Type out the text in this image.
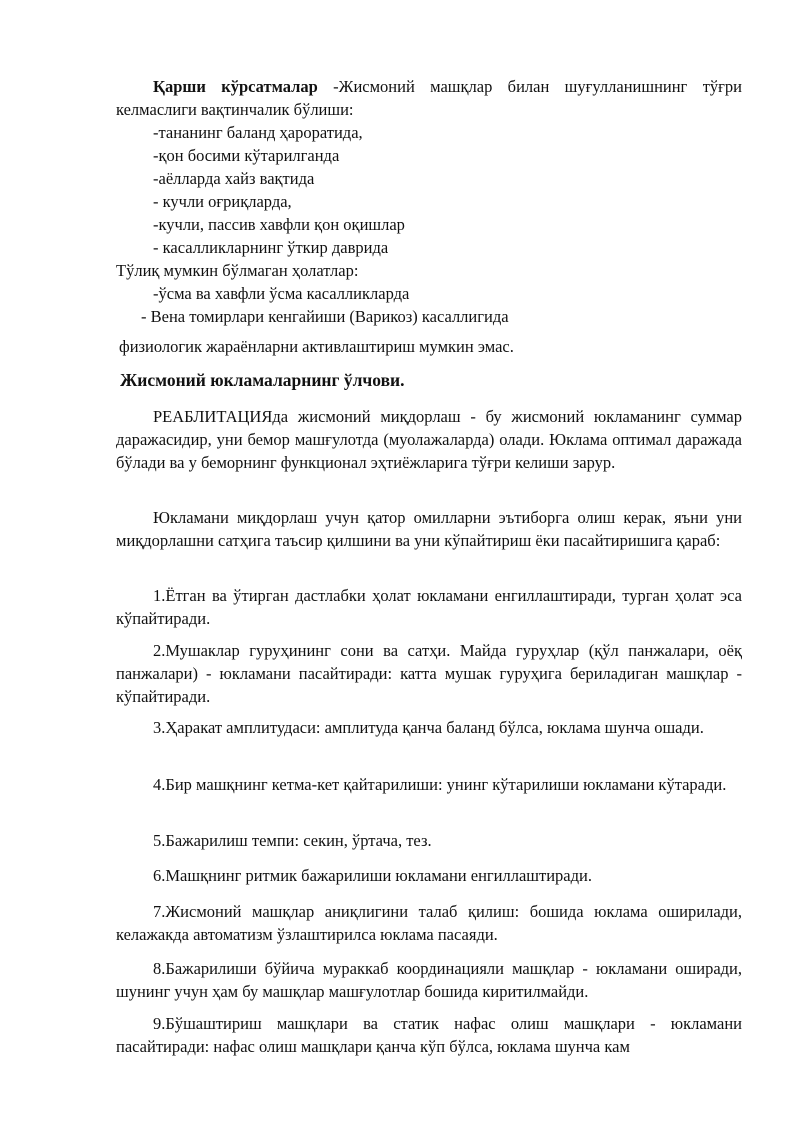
Қарши кўрсатмалар -Жисмоний машқлар билан шуғулланишнинг тўғри келмаслиги вақтинчалик бўлиши:

-тананинг баланд ҳароратида,

-қон босими кўтарилганда

-аёлларда хайз вақтида

- кучли оғриқларда,

-кучли, пассив хавфли қон оқишлар

- касалликларнинг ўткир даврида

Тўлиқ мумкин бўлмаган ҳолатлар:

-ўсма ва хавфли ўсма касалликларда

- Вена томирлари кенгайиши (Варикоз) касаллигида

физиологик жараёнларни активлаштириш мумкин эмас.

Жисмоний юкламаларнинг ўлчови.

РЕАБЛИТАЦИЯда жисмоний миқдорлаш - бу жисмоний юкламанинг суммар даражасидир, уни бемор машғулотда (муолажаларда) олади. Юклама оптимал даражада бўлади ва у беморнинг функционал эҳтиёжларига тўғри келиши зарур.

Юкламани миқдорлаш учун қатор омилларни эътиборга олиш керак, яъни уни миқдорлашни сатҳига таъсир қилшини ва уни кўпайтириш ёки пасайтиришига қараб:

1.Ётган ва ўтирган дастлабки ҳолат юкламани енгиллаштиради, турган ҳолат эса кўпайтиради.

2.Мушаклар гуруҳининг сони ва сатҳи. Майда гуруҳлар (қўл панжалари, оёқ панжалари) - юкламани пасайтиради: катта мушак гуруҳига бериладиган машқлар - кўпайтиради.

3.Ҳаракат амплитудаси: амплитуда қанча баланд бўлса, юклама шунча ошади.

4.Бир машқнинг кетма-кет қайтарилиши: унинг кўтарилиши юкламани кўтаради.

5.Бажарилиш темпи: секин, ўртача, тез.

6.Машқнинг ритмик бажарилиши юкламани енгиллаштиради.

7.Жисмоний машқлар аниқлигини талаб қилиш: бошида юклама оширилади, келажакда автоматизм ўзлаштирилса юклама пасаяди.

8.Бажарилиши бўйича мураккаб координацияли машқлар - юкламани оширади, шунинг учун ҳам бу машқлар машғулотлар бошида киритилмайди.

9.Бўшаштириш машқлари ва статик нафас олиш машқлари - юкламани пасайтиради: нафас олиш машқлари қанча кўп бўлса, юклама шунча кам
